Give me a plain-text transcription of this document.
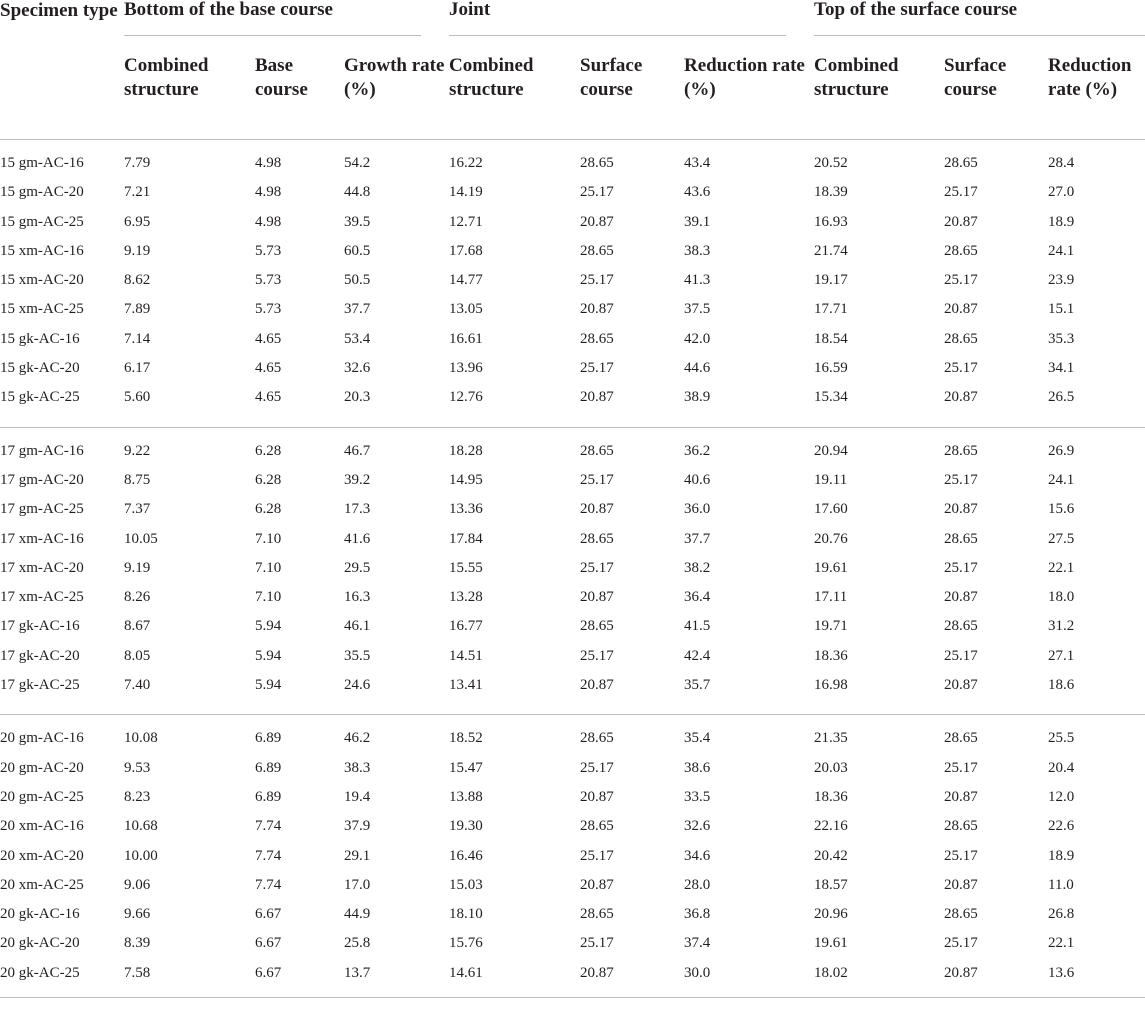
Specimen type	Bottom of the base course			Joint			Top of the surface course		

	Combined structure	Base course	Growth rate (%)	Combined structure	Surface course	Reduction rate (%)	Combined structure	Surface course	Reduction rate (%)

15 gm-AC-16	7.79	4.98	54.2	16.22	28.65	43.4	20.52	28.65	28.4
15 gm-AC-20	7.21	4.98	44.8	14.19	25.17	43.6	18.39	25.17	27.0
15 gm-AC-25	6.95	4.98	39.5	12.71	20.87	39.1	16.93	20.87	18.9
15 xm-AC-16	9.19	5.73	60.5	17.68	28.65	38.3	21.74	28.65	24.1
15 xm-AC-20	8.62	5.73	50.5	14.77	25.17	41.3	19.17	25.17	23.9
15 xm-AC-25	7.89	5.73	37.7	13.05	20.87	37.5	17.71	20.87	15.1
15 gk-AC-16	7.14	4.65	53.4	16.61	28.65	42.0	18.54	28.65	35.3
15 gk-AC-20	6.17	4.65	32.6	13.96	25.17	44.6	16.59	25.17	34.1
15 gk-AC-25	5.60	4.65	20.3	12.76	20.87	38.9	15.34	20.87	26.5

17 gm-AC-16	9.22	6.28	46.7	18.28	28.65	36.2	20.94	28.65	26.9
17 gm-AC-20	8.75	6.28	39.2	14.95	25.17	40.6	19.11	25.17	24.1
17 gm-AC-25	7.37	6.28	17.3	13.36	20.87	36.0	17.60	20.87	15.6
17 xm-AC-16	10.05	7.10	41.6	17.84	28.65	37.7	20.76	28.65	27.5
17 xm-AC-20	9.19	7.10	29.5	15.55	25.17	38.2	19.61	25.17	22.1
17 xm-AC-25	8.26	7.10	16.3	13.28	20.87	36.4	17.11	20.87	18.0
17 gk-AC-16	8.67	5.94	46.1	16.77	28.65	41.5	19.71	28.65	31.2
17 gk-AC-20	8.05	5.94	35.5	14.51	25.17	42.4	18.36	25.17	27.1
17 gk-AC-25	7.40	5.94	24.6	13.41	20.87	35.7	16.98	20.87	18.6

20 gm-AC-16	10.08	6.89	46.2	18.52	28.65	35.4	21.35	28.65	25.5
20 gm-AC-20	9.53	6.89	38.3	15.47	25.17	38.6	20.03	25.17	20.4
20 gm-AC-25	8.23	6.89	19.4	13.88	20.87	33.5	18.36	20.87	12.0
20 xm-AC-16	10.68	7.74	37.9	19.30	28.65	32.6	22.16	28.65	22.6
20 xm-AC-20	10.00	7.74	29.1	16.46	25.17	34.6	20.42	25.17	18.9
20 xm-AC-25	9.06	7.74	17.0	15.03	20.87	28.0	18.57	20.87	11.0
20 gk-AC-16	9.66	6.67	44.9	18.10	28.65	36.8	20.96	28.65	26.8
20 gk-AC-20	8.39	6.67	25.8	15.76	25.17	37.4	19.61	25.17	22.1
20 gk-AC-25	7.58	6.67	13.7	14.61	20.87	30.0	18.02	20.87	13.6
